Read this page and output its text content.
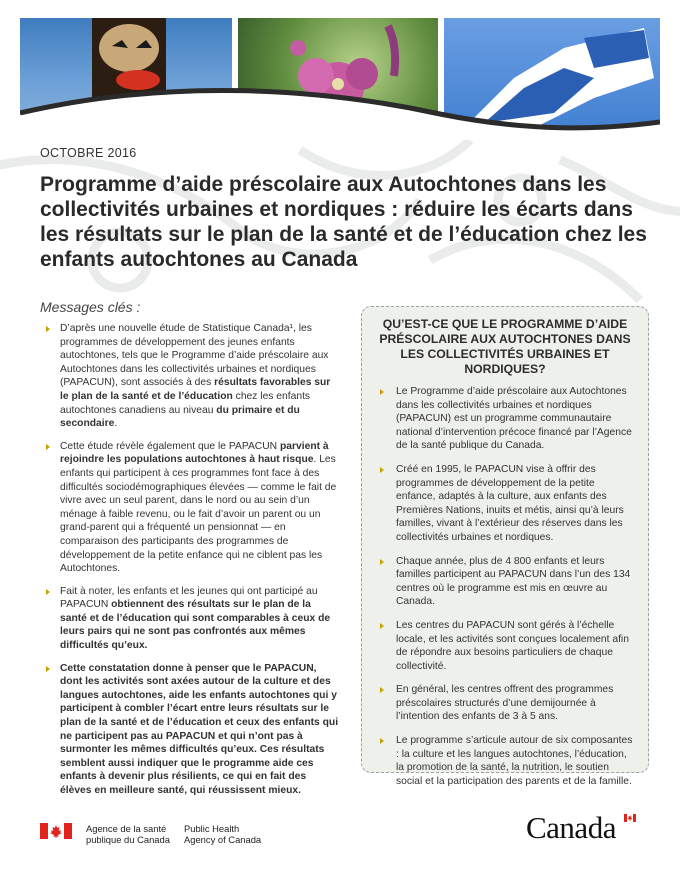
OCTOBRE 2016
Programme d’aide préscolaire aux Autochtones dans les collectivités urbaines et nordiques : réduire les écarts dans les résultats sur le plan de la santé et de l’éducation chez les enfants autochtones au Canada
Messages clés :
D’après une nouvelle étude de Statistique Canada¹, les programmes de développement des jeunes enfants autochtones, tels que le Programme d’aide préscolaire aux Autochtones dans les collectivités urbaines et nordiques (PAPACUN), sont associés à des résultats favorables sur le plan de la santé et de l’éducation chez les enfants autochtones canadiens au niveau du primaire et du secondaire.
Cette étude révèle également que le PAPACUN parvient à rejoindre les populations autochtones à haut risque. Les enfants qui participent à ces programmes font face à des difficultés sociodémographiques élevées — comme le fait de vivre avec un seul parent, dans le nord ou au sein d’un ménage à faible revenu, ou le fait d’avoir un parent ou un grand-parent qui a fréquenté un pensionnat — en comparaison des participants des programmes de développement de la petite enfance qui ne ciblent pas les Autochtones.
Fait à noter, les enfants et les jeunes qui ont participé au PAPACUN obtiennent des résultats sur le plan de la santé et de l’éducation qui sont comparables à ceux de leurs pairs qui ne sont pas confrontés aux mêmes difficultés qu’eux.
Cette constatation donne à penser que le PAPACUN, dont les activités sont axées autour de la culture et des langues autochtones, aide les enfants autochtones qui y participent à combler l’écart entre leurs résultats sur le plan de la santé et de l’éducation et ceux des enfants qui ne participent pas au PAPACUN et qui n’ont pas à surmonter les mêmes difficultés qu’eux. Ces résultats semblent aussi indiquer que le programme aide ces enfants à devenir plus résilients, ce qui en fait des élèves en meilleure santé, qui réussissent mieux.
QU’EST-CE QUE LE PROGRAMME D’AIDE PRÉSCOLAIRE AUX AUTOCHTONES DANS LES COLLECTIVITÉS URBAINES ET NORDIQUES?
Le Programme d’aide préscolaire aux Autochtones dans les collectivités urbaines et nordiques (PAPACUN) est un programme communautaire national d’intervention précoce financé par l’Agence de la santé publique du Canada.
Créé en 1995, le PAPACUN vise à offrir des programmes de développement de la petite enfance, adaptés à la culture, aux enfants des Premières Nations, inuits et métis, ainsi qu’à leurs familles, vivant à l’extérieur des réserves dans les collectivités urbaines et nordiques.
Chaque année, plus de 4 800 enfants et leurs familles participent au PAPACUN dans l’un des 134 centres où le programme est mis en œuvre au Canada.
Les centres du PAPACUN sont gérés à l’échelle locale, et les activités sont conçues localement afin de répondre aux besoins particuliers de chaque collectivité.
En général, les centres offrent des programmes préscolaires structurés d’une demijournée à l’intention des enfants de 3 à 5 ans.
Le programme s’articule autour de six composantes : la culture et les langues autochtones, l’éducation, la promotion de la santé, la nutrition, le soutien social et la participation des parents et de la famille.
Agence de la santé publique du Canada
Public Health Agency of Canada	Canada
